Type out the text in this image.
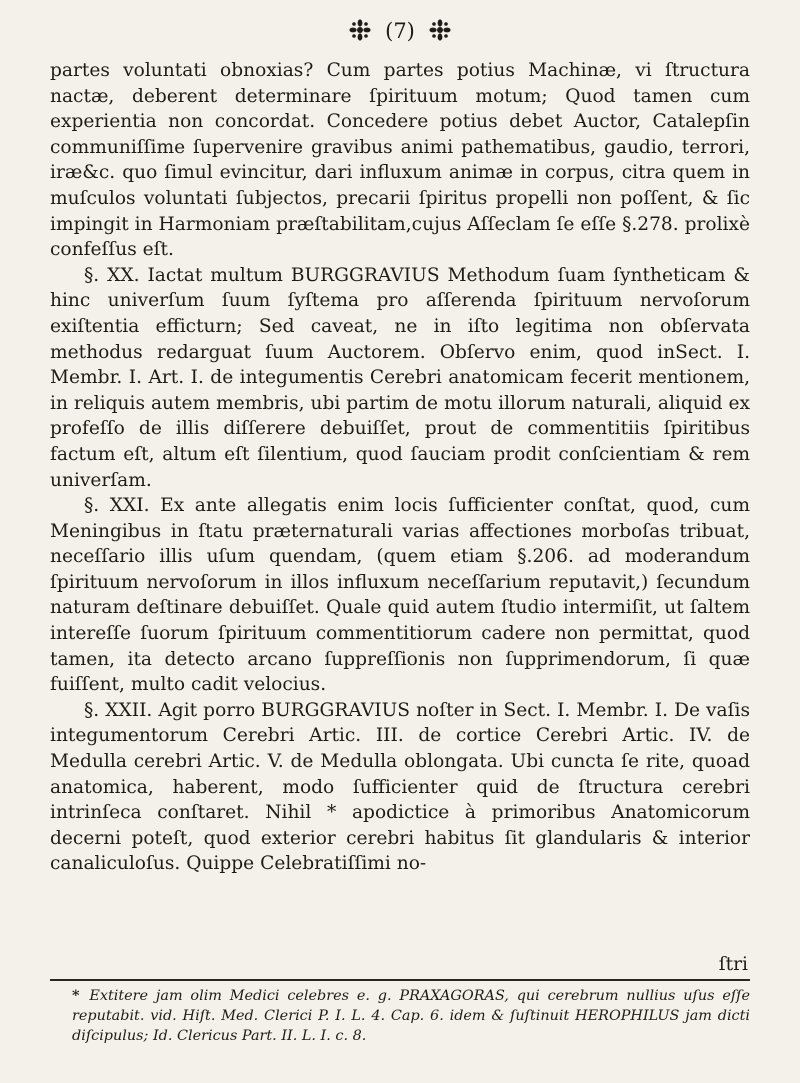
(7)

partes voluntati obnoxias? Cum partes potius Machinæ, vi ſtructura nactæ, deberent determinare ſpirituum motum; Quod tamen cum experientia non concordat. Concedere potius debet Auctor, Catalepſin communiſſime ſupervenire gravibus animi pathematibus, gaudio, terrori, iræ&c. quo ſimul evincitur, dari influxum animæ in corpus, citra quem in muſculos voluntati ſubjectos, precarii ſpiritus propelli non poſſent, & ſic impingit in Harmoniam præſtabilitam,cujus Aſſeclam ſe eſſe §.278. prolixè confeſſus eſt.

§. XX. Iactat multum BURGGRAVIUS Methodum ſuam ſyntheticam & hinc univerſum ſuum ſyſtema pro aſſerenda ſpirituum nervoſorum exiſtentia efficturn; Sed caveat, ne in iſto legitima non obſervata methodus redarguat ſuum Auctorem. Obſervo enim, quod inSect. I. Membr. I. Art. I. de integumentis Cerebri anatomicam fecerit mentionem, in reliquis autem membris, ubi partim de motu illorum naturali, aliquid ex profeſſo de illis diſſerere debuiſſet, prout de commentitiis ſpiritibus factum eſt, altum eſt ſilentium, quod ſauciam prodit conſcientiam & rem univerſam.

§. XXI. Ex ante allegatis enim locis ſufficienter conſtat, quod, cum Meningibus in ſtatu præternaturali varias affectiones morboſas tribuat, neceſſario illis uſum quendam, (quem etiam §.206. ad moderandum ſpirituum nervoſorum in illos influxum neceſſarium reputavit,) ſecundum naturam deſtinare debuiſſet. Quale quid autem ſtudio intermiſit, ut ſaltem intereſſe ſuorum ſpirituum commentitiorum cadere non permittat, quod tamen, ita detecto arcano ſuppreſſionis non ſupprimendorum, ſi quæ fuiſſent, multo cadit velocius.

§. XXII. Agit porro BURGGRAVIUS noſter in Sect. I. Membr. I. De vaſis integumentorum Cerebri Artic. III. de cortice Cerebri Artic. IV. de Medulla cerebri Artic. V. de Medulla oblongata. Ubi cuncta ſe rite, quoad anatomica, haberent, modo ſufficienter quid de ſtructura cerebri intrinſeca conſtaret. Nihil * apodictice à primoribus Anatomicorum decerni poteſt, quod exterior cerebri habitus ſit glandularis & interior canaliculoſus. Quippe Celebratiſſimi no-

ſtri
* Extitere jam olim Medici celebres e. g. PRAXAGORAS, qui cerebrum nullius uſus eſſe reputabit. vid. Hiſt. Med. Clerici P. I. L. 4. Cap. 6. idem & ſuſtinuit HEROPHILUS jam dicti diſcipulus; Id. Clericus Part. II. L. I. c. 8.
